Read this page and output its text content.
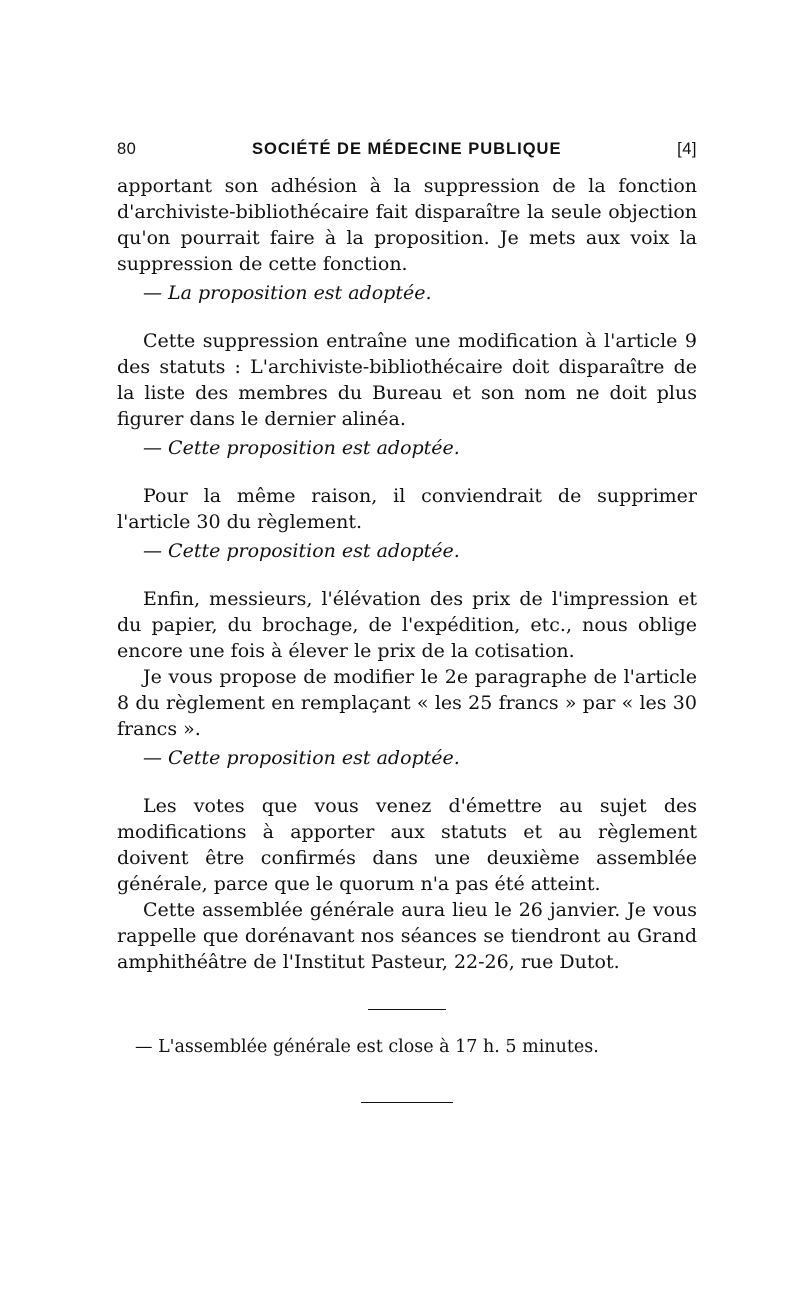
80	SOCIÉTÉ DE MÉDECINE PUBLIQUE	[4]

apportant son adhésion à la suppression de la fonction d'archiviste-bibliothécaire fait disparaître la seule objection qu'on pourrait faire à la proposition. Je mets aux voix la suppression de cette fonction.

— La proposition est adoptée.

Cette suppression entraîne une modification à l'article 9 des statuts : L'archiviste-bibliothécaire doit disparaître de la liste des membres du Bureau et son nom ne doit plus figurer dans le dernier alinéa.

— Cette proposition est adoptée.

Pour la même raison, il conviendrait de supprimer l'article 30 du règlement.

— Cette proposition est adoptée.

Enfin, messieurs, l'élévation des prix de l'impression et du papier, du brochage, de l'expédition, etc., nous oblige encore une fois à élever le prix de la cotisation.

Je vous propose de modifier le 2e paragraphe de l'article 8 du règlement en remplaçant « les 25 francs » par « les 30 francs ».

— Cette proposition est adoptée.

Les votes que vous venez d'émettre au sujet des modifications à apporter aux statuts et au règlement doivent être confirmés dans une deuxième assemblée générale, parce que le quorum n'a pas été atteint.

Cette assemblée générale aura lieu le 26 janvier. Je vous rappelle que dorénavant nos séances se tiendront au Grand amphithéâtre de l'Institut Pasteur, 22-26, rue Dutot.

— L'assemblée générale est close à 17 h. 5 minutes.
